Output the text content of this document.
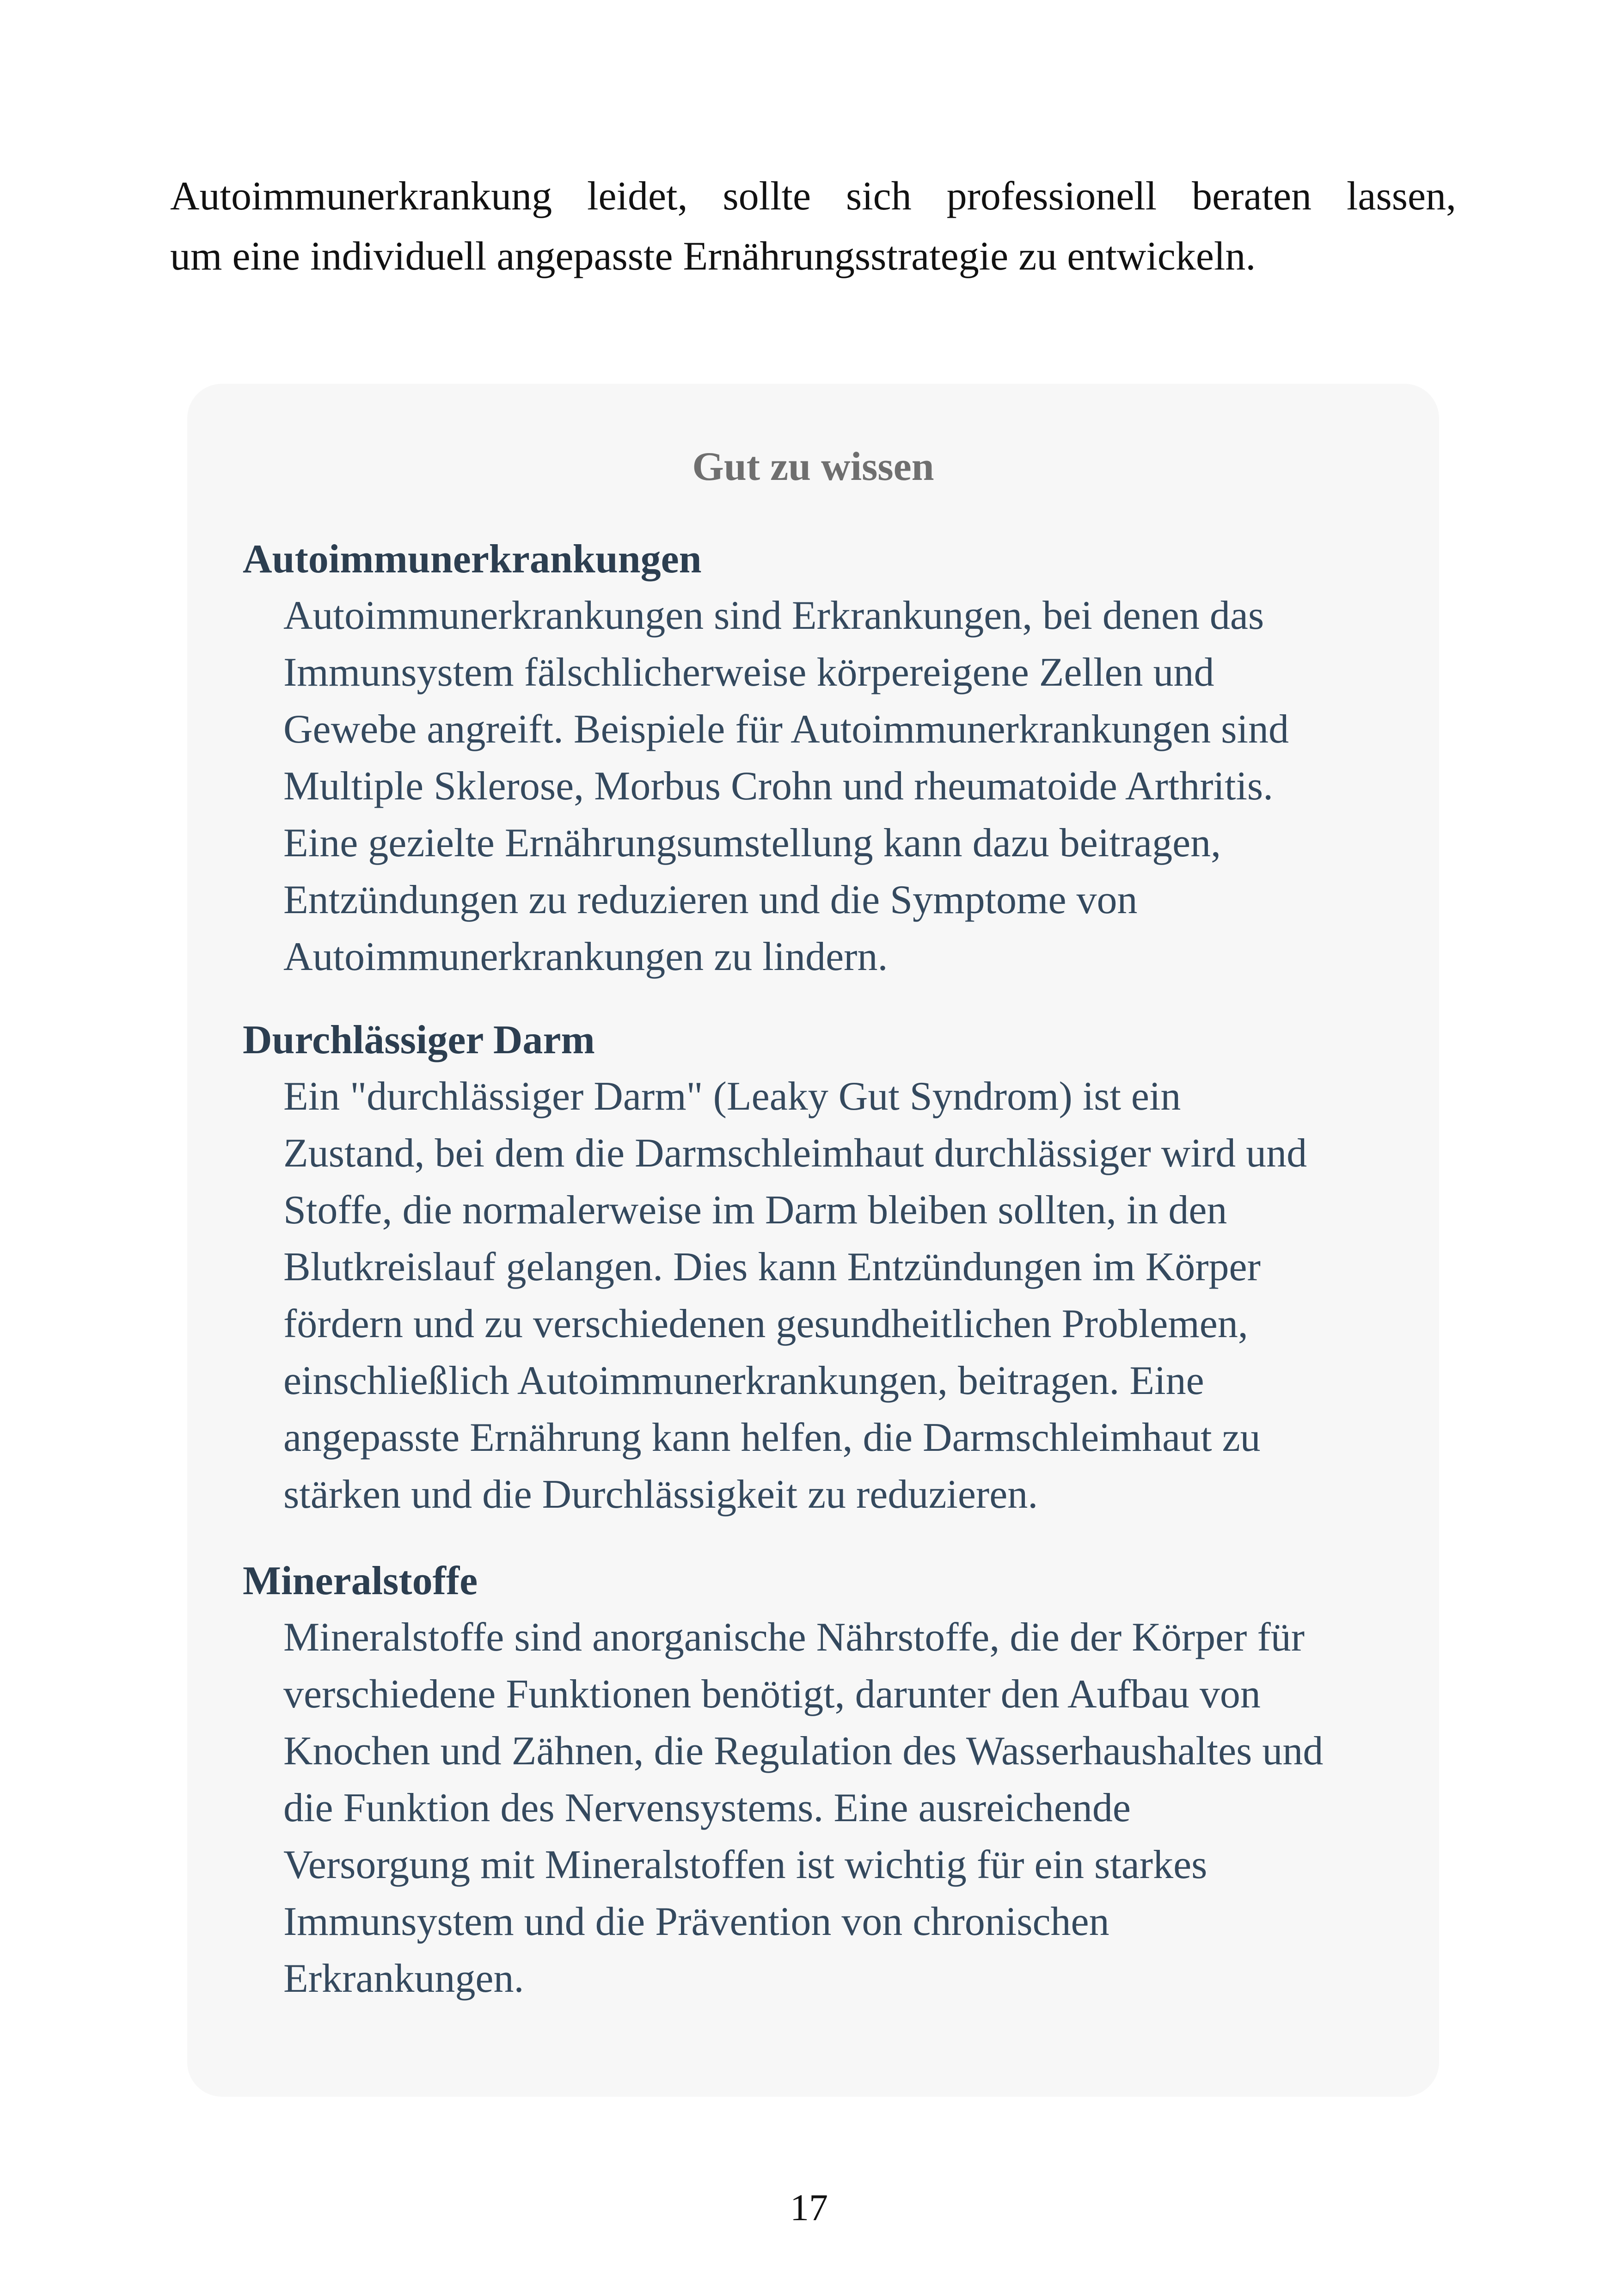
Autoimmunerkrankung leidet, sollte sich professionell beraten lassen,
um eine individuell angepasste Ernährungsstrategie zu entwickeln.
Gut zu wissen
Autoimmunerkrankungen

Autoimmunerkrankungen sind Erkrankungen, bei denen das
Immunsystem fälschlicherweise körpereigene Zellen und
Gewebe angreift. Beispiele für Autoimmunerkrankungen sind
Multiple Sklerose, Morbus Crohn und rheumatoide Arthritis.
Eine gezielte Ernährungsumstellung kann dazu beitragen,
Entzündungen zu reduzieren und die Symptome von
Autoimmunerkrankungen zu lindern.

Durchlässiger Darm

Ein "durchlässiger Darm" (Leaky Gut Syndrom) ist ein
Zustand, bei dem die Darmschleimhaut durchlässiger wird und
Stoffe, die normalerweise im Darm bleiben sollten, in den
Blutkreislauf gelangen. Dies kann Entzündungen im Körper
fördern und zu verschiedenen gesundheitlichen Problemen,
einschließlich Autoimmunerkrankungen, beitragen. Eine
angepasste Ernährung kann helfen, die Darmschleimhaut zu
stärken und die Durchlässigkeit zu reduzieren.

Mineralstoffe

Mineralstoffe sind anorganische Nährstoffe, die der Körper für
verschiedene Funktionen benötigt, darunter den Aufbau von
Knochen und Zähnen, die Regulation des Wasserhaushaltes und
die Funktion des Nervensystems. Eine ausreichende
Versorgung mit Mineralstoffen ist wichtig für ein starkes
Immunsystem und die Prävention von chronischen
Erkrankungen.

17
